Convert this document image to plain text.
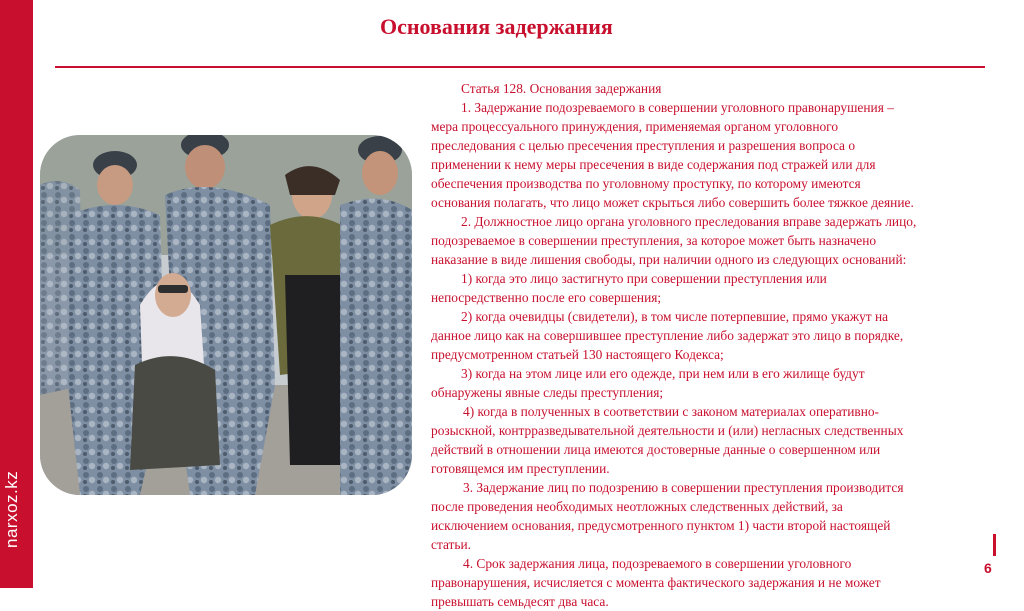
narxoz.kz
Основания задержания

Статья 128. Основания задержания

1. Задержание подозреваемого в совершении уголовного правонарушения –

мера процессуального принуждения, применяемая органом уголовного

преследования с целью пресечения преступления и разрешения вопроса о

применении к нему меры пресечения в виде содержания под стражей или для

обеспечения производства по уголовному проступку, по которому имеются

основания полагать, что лицо может скрыться либо совершить более тяжкое деяние.

2. Должностное лицо органа уголовного преследования вправе задержать лицо,

подозреваемое в совершении преступления, за которое может быть назначено

наказание в виде лишения свободы, при наличии одного из следующих оснований:

1) когда это лицо застигнуто при совершении преступления или

непосредственно после его совершения;

2) когда очевидцы (свидетели), в том числе потерпевшие, прямо укажут на

данное лицо как на совершившее преступление либо задержат это лицо в порядке,

предусмотренном статьей 130 настоящего Кодекса;

3) когда на этом лице или его одежде, при нем или в его жилище будут

обнаружены явные следы преступления;

4) когда в полученных в соответствии с законом материалах оперативно-

розыскной, контрразведывательной деятельности и (или) негласных следственных

действий в отношении лица имеются достоверные данные о совершенном или

готовящемся им преступлении.

3. Задержание лиц по подозрению в совершении преступления производится

после проведения необходимых неотложных следственных действий, за

исключением основания, предусмотренного пунктом 1) части второй настоящей

статьи.

4. Срок задержания лица, подозреваемого в совершении уголовного

правонарушения, исчисляется с момента фактического задержания и не может

превышать семьдесят два часа.

6
